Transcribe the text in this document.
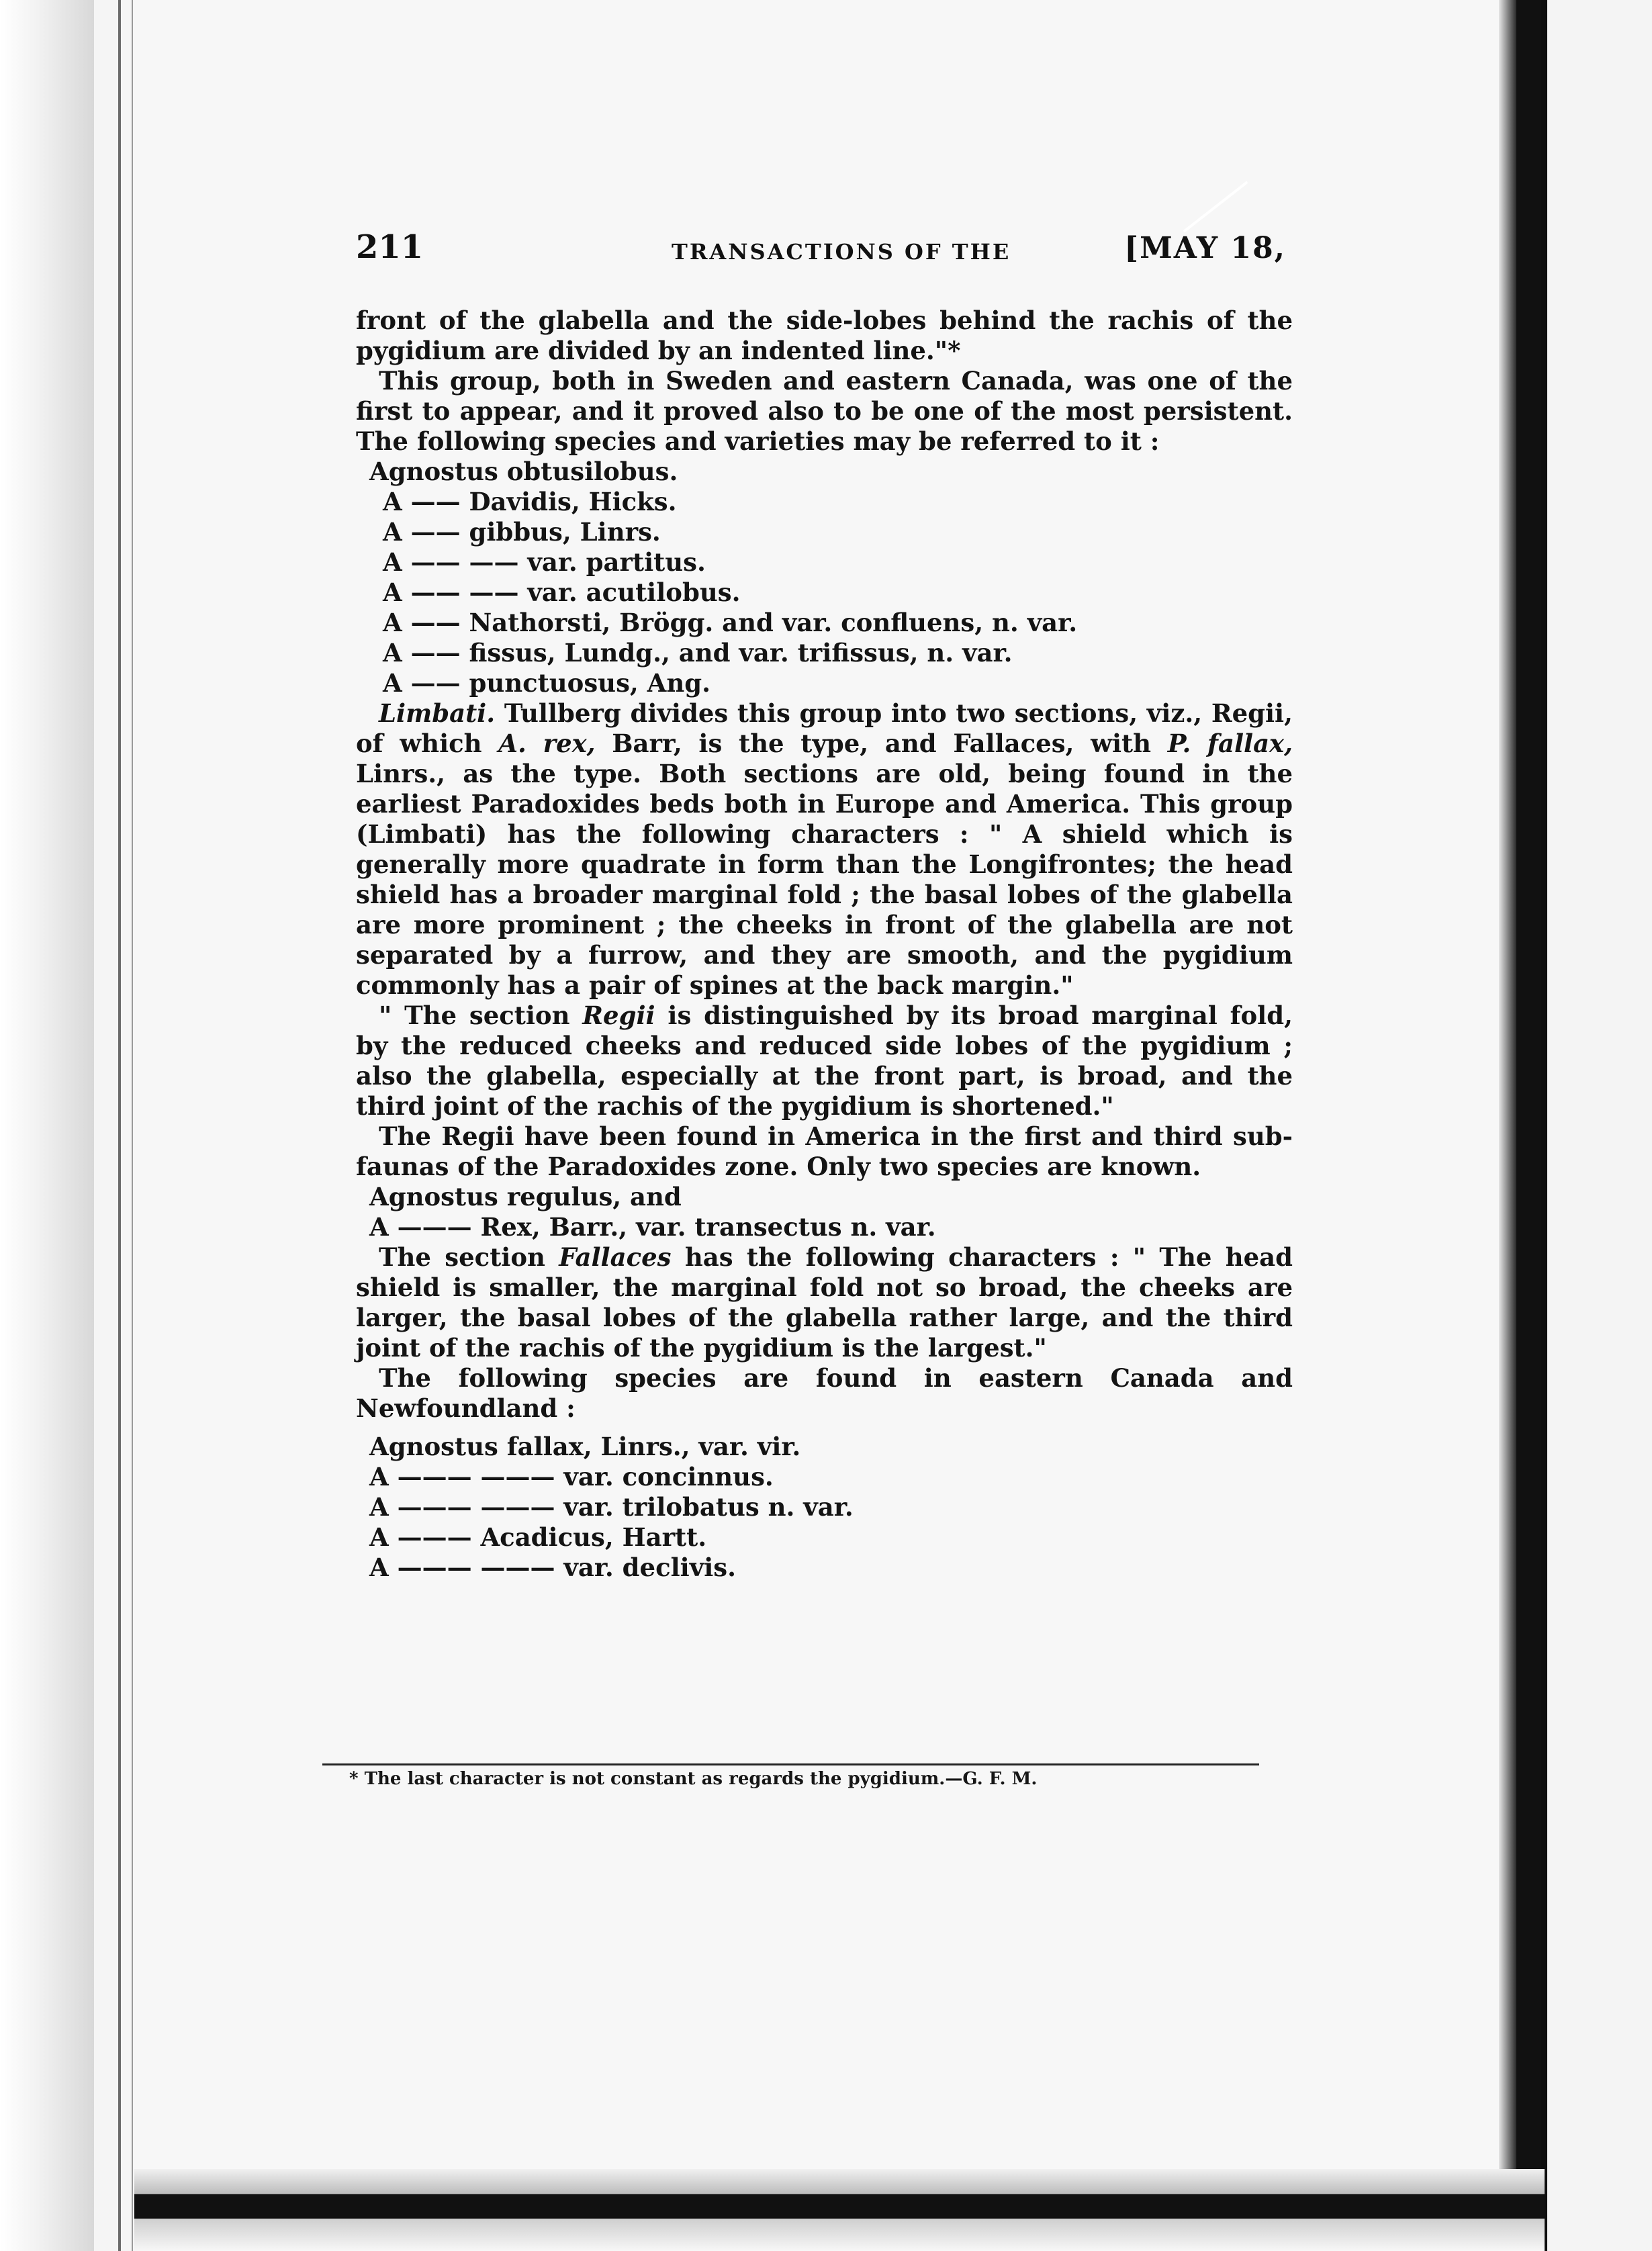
211	TRANSACTIONS OF THE	[MAY 18,

front of the glabella and the side-lobes behind the rachis of the pygidium are divided by an indented line."*

This group, both in Sweden and eastern Canada, was one of the first to appear, and it proved also to be one of the most persistent. The following species and varieties may be referred to it :

Agnostus obtusilobus.
A —— Davidis, Hicks.
A —— gibbus, Linrs.
A —— —— var. partitus.
A —— —— var. acutilobus.
A —— Nathorsti, Brögg. and var. confluens, n. var.
A —— fissus, Lundg., and var. trifissus, n. var.
A —— punctuosus, Ang.

Limbati. Tullberg divides this group into two sections, viz., Regii, of which A. rex, Barr, is the type, and Fallaces, with P. fallax, Linrs., as the type. Both sections are old, being found in the earliest Paradoxides beds both in Europe and America. This group (Limbati) has the following characters : " A shield which is generally more quadrate in form than the Longifrontes; the head shield has a broader marginal fold ; the basal lobes of the glabella are more prominent ; the cheeks in front of the glabella are not separated by a furrow, and they are smooth, and the pygidium commonly has a pair of spines at the back margin."

" The section Regii is distinguished by its broad marginal fold, by the reduced cheeks and reduced side lobes of the pygidium ; also the glabella, especially at the front part, is broad, and the third joint of the rachis of the pygidium is shortened."

The Regii have been found in America in the first and third sub-faunas of the Paradoxides zone. Only two species are known.

Agnostus regulus, and
A ——— Rex, Barr., var. transectus n. var.

The section Fallaces has the following characters : " The head shield is smaller, the marginal fold not so broad, the cheeks are larger, the basal lobes of the glabella rather large, and the third joint of the rachis of the pygidium is the largest."

The following species are found in eastern Canada and Newfoundland :

Agnostus fallax, Linrs., var. vir.
A ——— ——— var. concinnus.
A ——— ——— var. trilobatus n. var.
A ——— Acadicus, Hartt.
A ——— ——— var. declivis.
* The last character is not constant as regards the pygidium.—G. F. M.
